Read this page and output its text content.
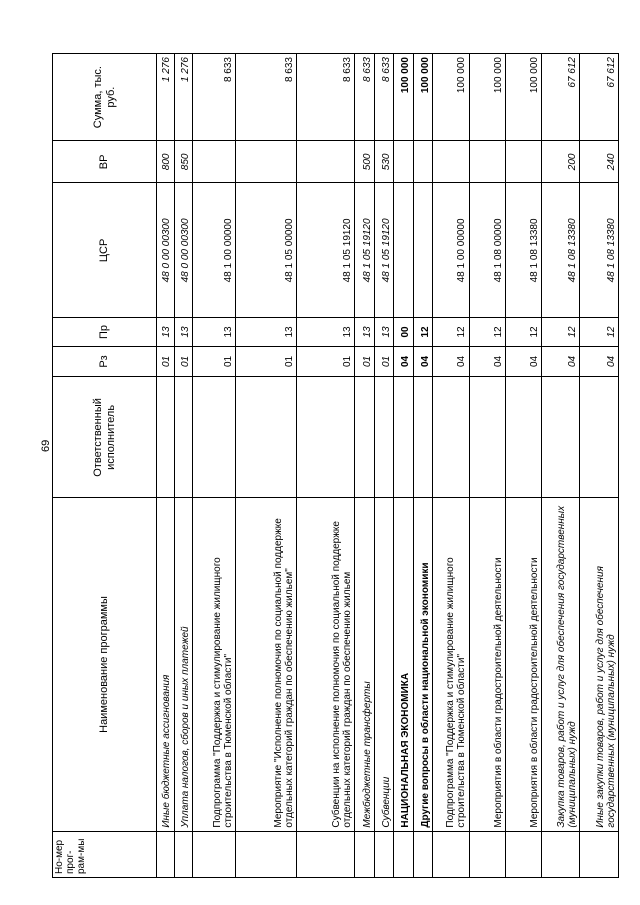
69
Но-мер прог-рам-мы	Наименование программы	Ответственный исполнитель	Рз	Пр	ЦСР	ВР	Сумма, тыс. руб.
	Иные бюджетные ассигнования		01	13	48 0 00 00300	800	1 276
	Уплата налогов, сборов и иных платежей		01	13	48 0 00 00300	850	1 276
	Подпрограмма "Поддержка и стимулирование жилищного строительства в Тюменской области"		01	13	48 1 00 00000		8 633
	Мероприятие "Исполнение полномочия по социальной поддержке отдельных категорий граждан по обеспечению жильем"		01	13	48 1 05 00000		8 633
	Субвенции на исполнение полномочия по социальной поддержке отдельных категорий граждан по обеспечению жильем		01	13	48 1 05 19120		8 633
	Межбюджетные трансферты		01	13	48 1 05 19120	500	8 633
	Субвенции		01	13	48 1 05 19120	530	8 633
	НАЦИОНАЛЬНАЯ ЭКОНОМИКА		04	00			100 000
	Другие вопросы в области национальной экономики		04	12			100 000
	Подпрограмма "Поддержка и стимулирование жилищного строительства в Тюменской области"		04	12	48 1 00 00000		100 000
	Мероприятия в области градостроительной деятельности		04	12	48 1 08 00000		100 000
	Мероприятия в области градостроительной деятельности		04	12	48 1 08 13380		100 000
	Закупка товаров, работ и услуг для обеспечения государственных (муниципальных) нужд		04	12	48 1 08 13380	200	67 612
	Иные закупки товаров, работ и услуг для обеспечения государственных (муниципальных) нужд		04	12	48 1 08 13380	240	67 612
